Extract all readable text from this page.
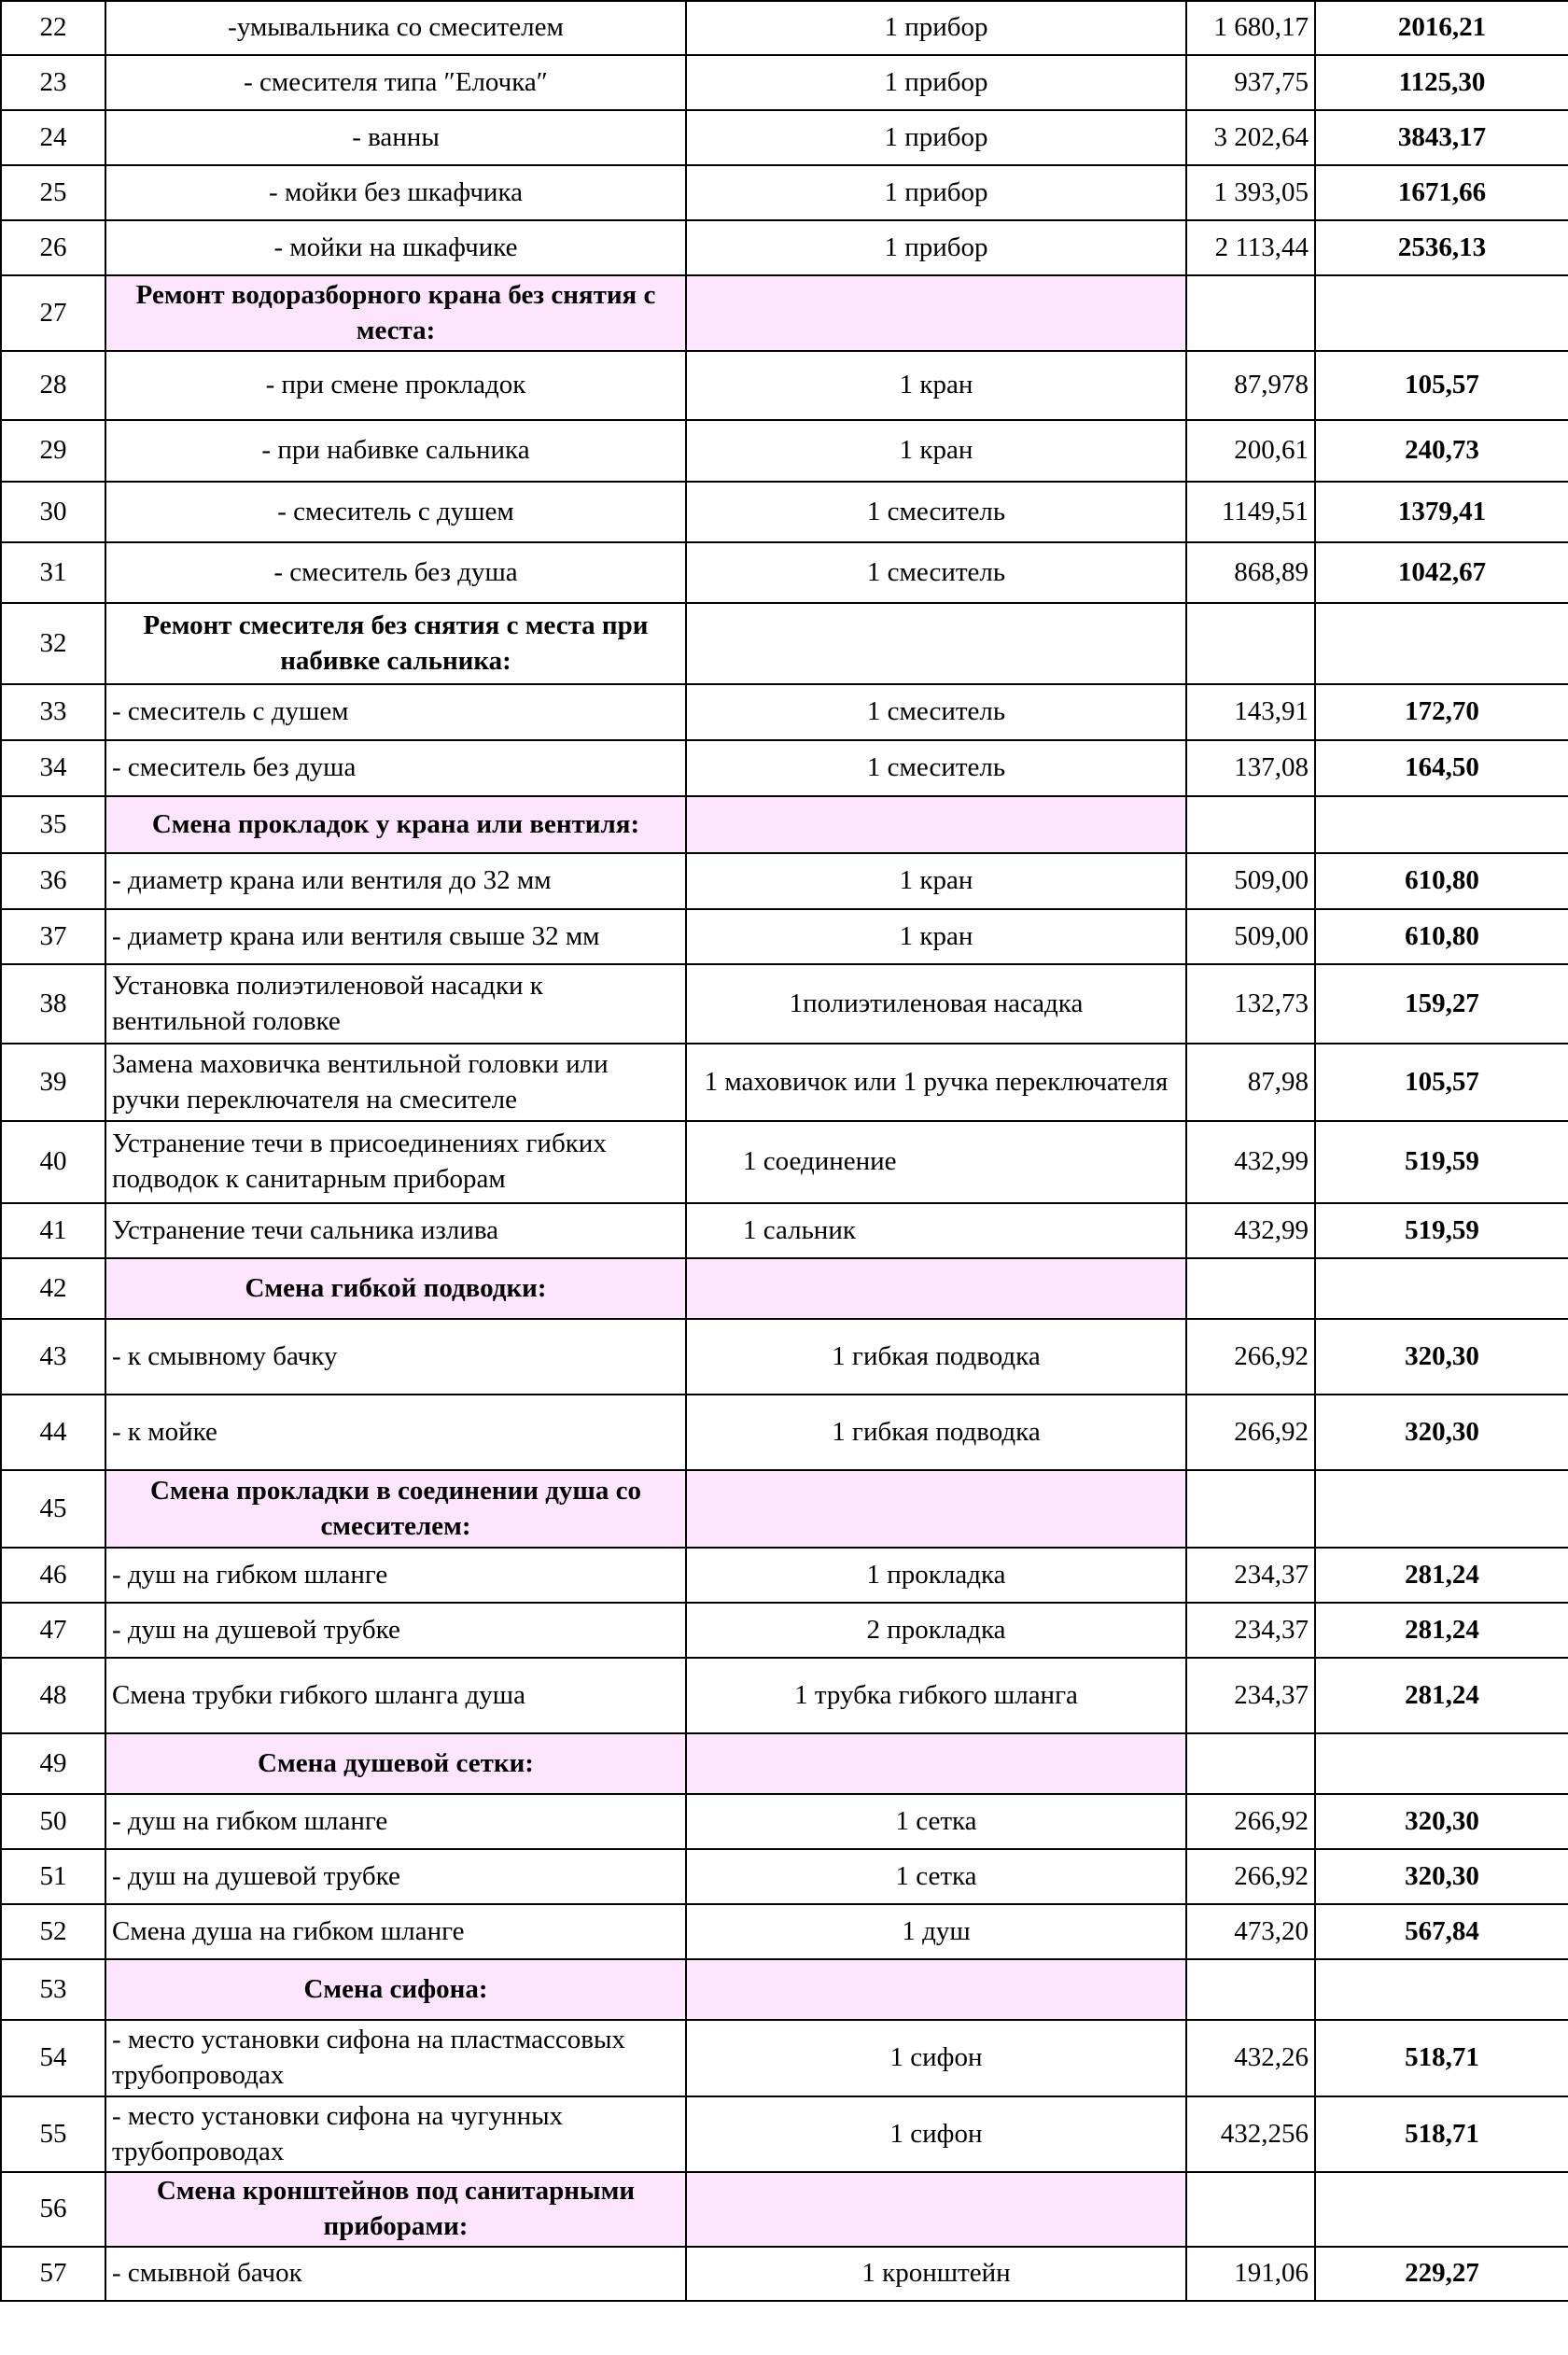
22	-умывальника со смесителем	1 прибор	1 680,17	2016,21
23	- смесителя типа ″Елочка″	1 прибор	937,75	1125,30
24	- ванны	1 прибор	3 202,64	3843,17
25	- мойки без шкафчика	1 прибор	1 393,05	1671,66
26	- мойки на шкафчике	1 прибор	2 113,44	2536,13
27	Ремонт водоразборного крана без снятия с места:			
28	- при смене прокладок	1 кран	87,978	105,57
29	- при набивке сальника	1 кран	200,61	240,73
30	- смеситель с душем	1 смеситель	1149,51	1379,41
31	- смеситель без душа	1 смеситель	868,89	1042,67
32	Ремонт смесителя без снятия с места при набивке сальника:			
33	- смеситель с душем	1 смеситель	143,91	172,70
34	- смеситель без душа	1 смеситель	137,08	164,50
35	Смена прокладок у крана или вентиля:			
36	- диаметр крана или вентиля до 32 мм	1 кран	509,00	610,80
37	- диаметр крана или вентиля свыше 32 мм	1 кран	509,00	610,80
38	Установка полиэтиленовой насадки к вентильной головке	1полиэтиленовая насадка	132,73	159,27
39	Замена маховичка вентильной головки или ручки переключателя на смесителе	1 маховичок или 1 ручка переключателя	87,98	105,57
40	Устранение течи в присоединениях гибких подводок к санитарным приборам	1 соединение	432,99	519,59
41	Устранение течи сальника излива	1 сальник	432,99	519,59
42	Смена гибкой подводки:			
43	- к смывному бачку	1 гибкая подводка	266,92	320,30
44	- к мойке	1 гибкая подводка	266,92	320,30
45	Смена прокладки в соединении душа со смесителем:			
46	- душ на гибком шланге	1 прокладка	234,37	281,24
47	- душ на душевой трубке	2 прокладка	234,37	281,24
48	Смена трубки гибкого шланга душа	1 трубка гибкого шланга	234,37	281,24
49	Смена душевой сетки:			
50	- душ на гибком шланге	1 сетка	266,92	320,30
51	- душ на душевой трубке	1 сетка	266,92	320,30
52	Смена душа на гибком шланге	1 душ	473,20	567,84
53	Смена сифона:			
54	- место установки сифона на пластмассовых трубопроводах	1 сифон	432,26	518,71
55	- место установки сифона на чугунных трубопроводах	1 сифон	432,256	518,71
56	Смена кронштейнов под санитарными приборами:			
57	- смывной бачок	1 кронштейн	191,06	229,27
